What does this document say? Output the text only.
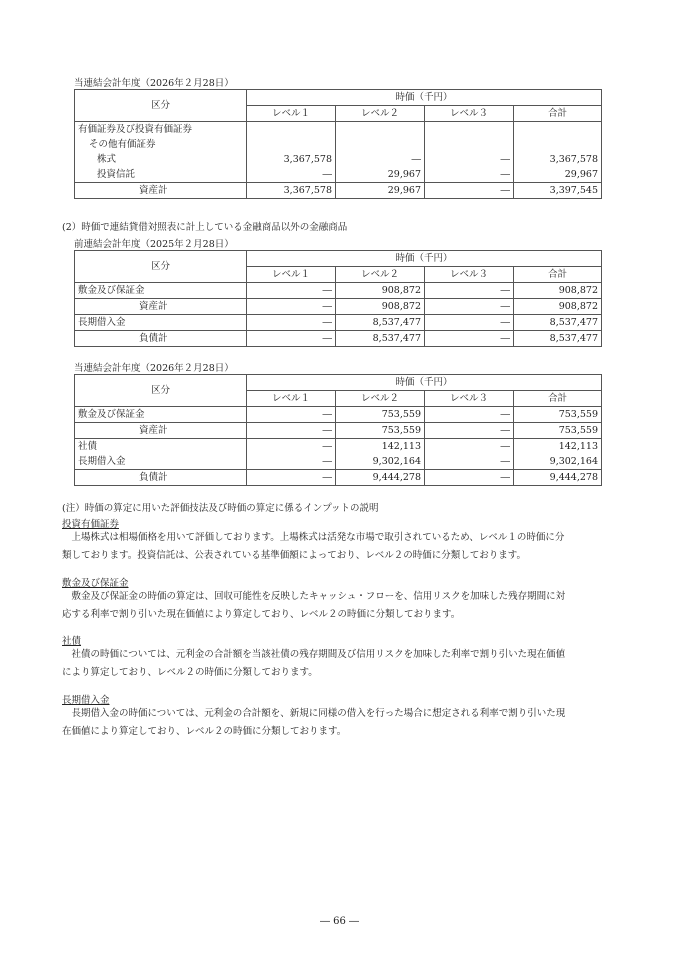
当連結会計年度（2026年２月28日）
区分	時価（千円）			
	レベル１	レベル２	レベル３	合計
有価証券及び投資有価証券				
その他有価証券				
株式	3,367,578	―	―	3,367,578
投資信託	―	29,967	―	29,967
資産計	3,367,578	29,967	―	3,397,545
(2）時価で連結貸借対照表に計上している金融商品以外の金融商品
前連結会計年度（2025年２月28日）
区分	時価（千円）			
	レベル１	レベル２	レベル３	合計
敷金及び保証金	―	908,872	―	908,872
資産計	―	908,872	―	908,872
長期借入金	―	8,537,477	―	8,537,477
負債計	―	8,537,477	―	8,537,477
当連結会計年度（2026年２月28日）
区分	時価（千円）			
	レベル１	レベル２	レベル３	合計
敷金及び保証金	―	753,559	―	753,559
資産計	―	753,559	―	753,559
社債	―	142,113	―	142,113
長期借入金	―	9,302,164	―	9,302,164
負債計	―	9,444,278	―	9,444,278
(注）時価の算定に用いた評価技法及び時価の算定に係るインプットの説明
投資有価証券
上場株式は相場価格を用いて評価しております。上場株式は活発な市場で取引されているため、レベル１の時価に分
類しております。投資信託は、公表されている基準価額によっており、レベル２の時価に分類しております。
敷金及び保証金
敷金及び保証金の時価の算定は、回収可能性を反映したキャッシュ・フローを、信用リスクを加味した残存期間に対
応する利率で割り引いた現在価値により算定しており、レベル２の時価に分類しております。
社債
社債の時価については、元利金の合計額を当該社債の残存期間及び信用リスクを加味した利率で割り引いた現在価値
により算定しており、レベル２の時価に分類しております。
長期借入金
長期借入金の時価については、元利金の合計額を、新規に同様の借入を行った場合に想定される利率で割り引いた現
在価値により算定しており、レベル２の時価に分類しております。
― 66 ―
